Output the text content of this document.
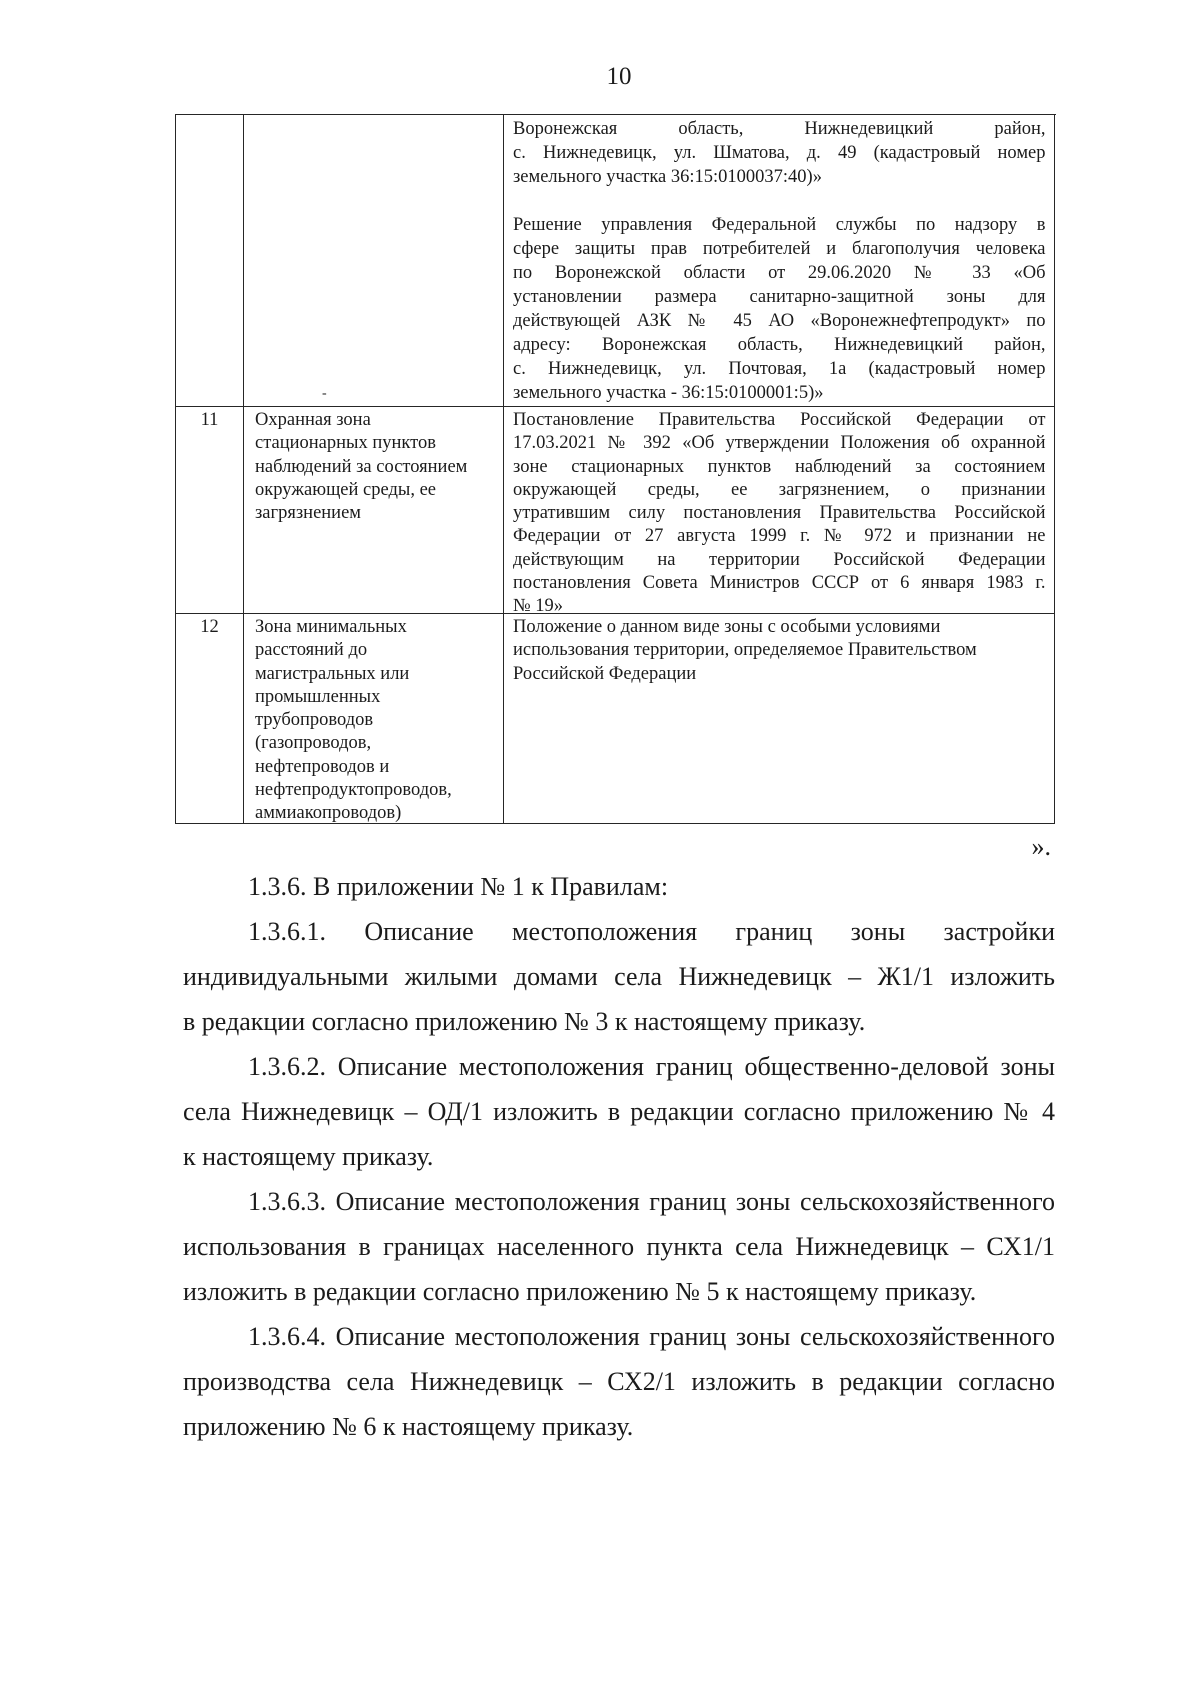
10
-
Воронежская область, Нижнедевицкий район,
с. Нижнедевицк, ул. Шматова, д. 49 (кадастровый номер
земельного участка 36:15:0100037:40)»
Решение управления Федеральной службы по надзору в
сфере защиты прав потребителей и благополучия человека
по Воронежской области от 29.06.2020 № 33 «Об
установлении размера санитарно-защитной зоны для
действующей АЗК № 45 АО «Воронежнефтепродукт» по
адресу: Воронежская область, Нижнедевицкий район,
с. Нижнедевицк, ул. Почтовая, 1а (кадастровый номер
земельного участка - 36:15:0100001:5)»
11	Охранная зона
стационарных пунктов
наблюдений за состоянием
окружающей среды, ее
загрязнением
Постановление Правительства Российской Федерации от
17.03.2021 № 392 «Об утверждении Положения об охранной
зоне стационарных пунктов наблюдений за состоянием
окружающей среды, ее загрязнением, о признании
утратившим силу постановления Правительства Российской
Федерации от 27 августа 1999 г. № 972 и признании не
действующим на территории Российской Федерации
постановления Совета Министров СССР от 6 января 1983 г.
№ 19»
12	Зона минимальных
расстояний до
магистральных или
промышленных
трубопроводов
(газопроводов,
нефтепроводов и
нефтепродуктопроводов,
аммиакопроводов)
Положение о данном виде зоны с особыми условиями
использования территории, определяемое Правительством
Российской Федерации
».
1.3.6. В приложении № 1 к Правилам:
1.3.6.1. Описание местоположения границ зоны застройки
индивидуальными жилыми домами села Нижнедевицк – Ж1/1 изложить
в редакции согласно приложению № 3 к настоящему приказу.
1.3.6.2. Описание местоположения границ общественно-деловой зоны
села Нижнедевицк – ОД/1 изложить в редакции согласно приложению № 4
к настоящему приказу.
1.3.6.3. Описание местоположения границ зоны сельскохозяйственного
использования в границах населенного пункта села Нижнедевицк – СХ1/1
изложить в редакции согласно приложению № 5 к настоящему приказу.
1.3.6.4. Описание местоположения границ зоны сельскохозяйственного
производства села Нижнедевицк – СХ2/1 изложить в редакции согласно
приложению № 6 к настоящему приказу.
